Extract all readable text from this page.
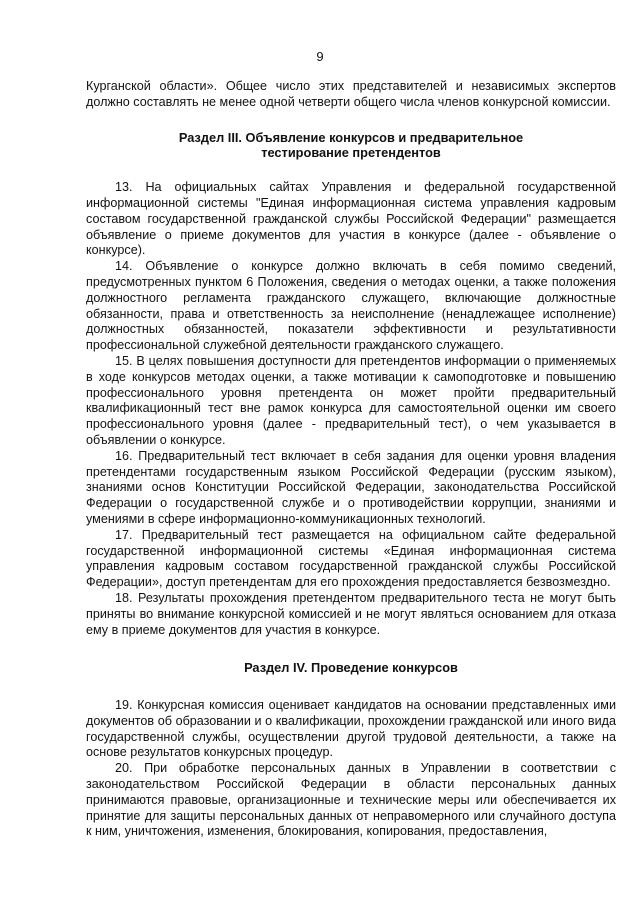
9

Курганской области». Общее число этих представителей и независимых экспертов должно составлять не менее одной четверти общего числа членов конкурсной комиссии.

Раздел III. Объявление конкурсов и предварительное
тестирование претендентов

13. На официальных сайтах Управления и федеральной государственной информационной системы "Единая информационная система управления кадровым составом государственной гражданской службы Российской Федерации" размещается объявление о приеме документов для участия в конкурсе (далее - объявление о конкурсе).

14. Объявление о конкурсе должно включать в себя помимо сведений, предусмотренных пунктом 6 Положения, сведения о методах оценки, а также положения должностного регламента гражданского служащего, включающие должностные обязанности, права и ответственность за неисполнение (ненадлежащее исполнение) должностных обязанностей, показатели эффективности и результативности профессиональной служебной деятельности гражданского служащего.

15. В целях повышения доступности для претендентов информации о применяемых в ходе конкурсов методах оценки, а также мотивации к самоподготовке и повышению профессионального уровня претендента он может пройти предварительный квалификационный тест вне рамок конкурса для самостоятельной оценки им своего профессионального уровня (далее - предварительный тест), о чем указывается в объявлении о конкурсе.

16. Предварительный тест включает в себя задания для оценки уровня владения претендентами государственным языком Российской Федерации (русским языком), знаниями основ Конституции Российской Федерации, законодательства Российской Федерации о государственной службе и о противодействии коррупции, знаниями и умениями в сфере информационно-коммуникационных технологий.

17. Предварительный тест размещается на официальном сайте федеральной государственной информационной системы «Единая информационная система управления кадровым составом государственной гражданской службы Российской Федерации», доступ претендентам для его прохождения предоставляется безвозмездно.

18. Результаты прохождения претендентом предварительного теста не могут быть приняты во внимание конкурсной комиссией и не могут являться основанием для отказа ему в приеме документов для участия в конкурсе.

Раздел IV. Проведение конкурсов

19. Конкурсная комиссия оценивает кандидатов на основании представленных ими документов об образовании и о квалификации, прохождении гражданской или иного вида государственной службы, осуществлении другой трудовой деятельности, а также на основе результатов конкурсных процедур.

20. При обработке персональных данных в Управлении в соответствии с законодательством Российской Федерации в области персональных данных принимаются правовые, организационные и технические меры или обеспечивается их принятие для защиты персональных данных от неправомерного или случайного доступа к ним, уничтожения, изменения, блокирования, копирования, предоставления,
